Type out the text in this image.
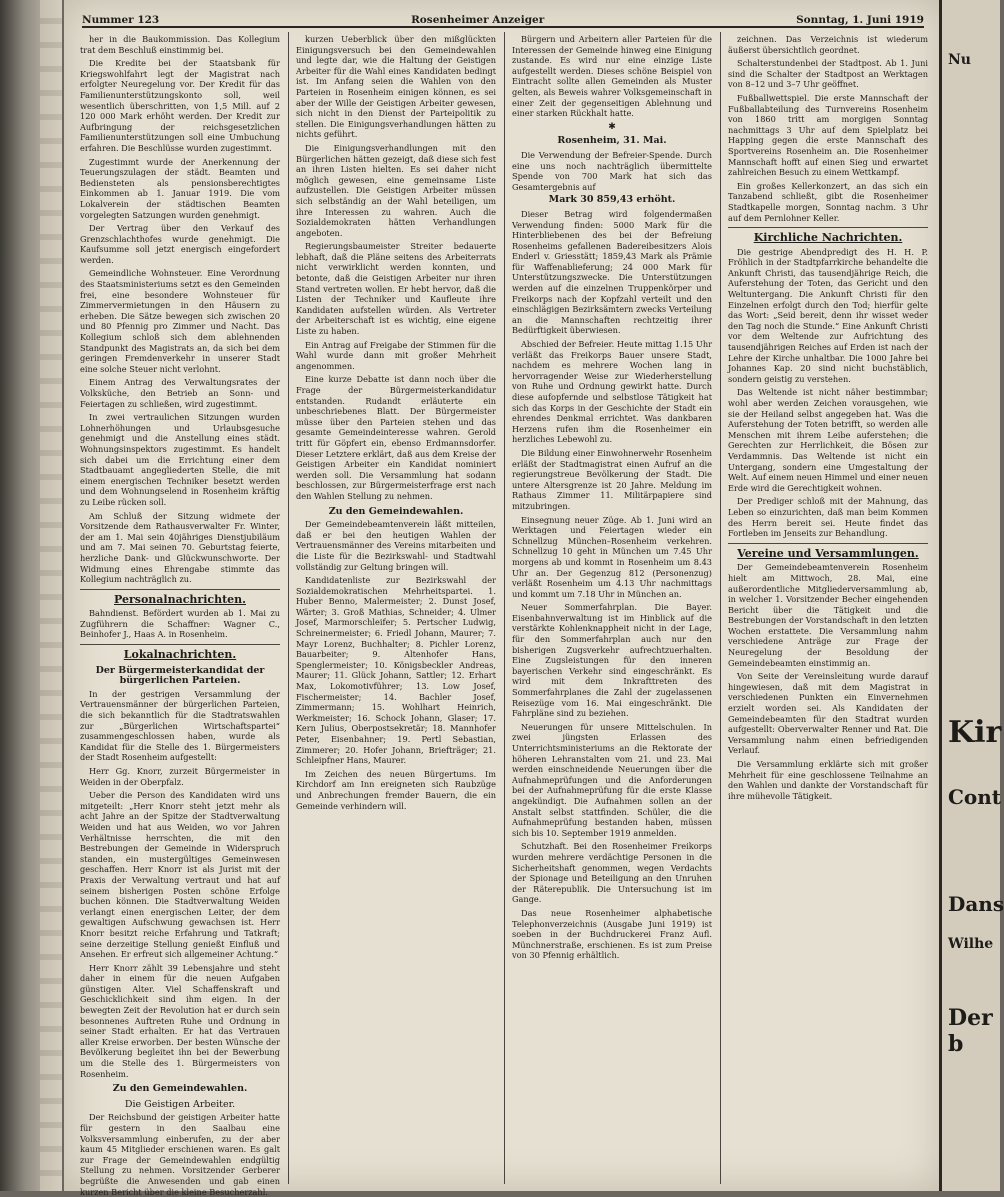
Nummer 123	Rosenheimer Anzeiger	Sonntag, 1. Juni 1919

her in die Baukommission. Das Kollegium trat dem Beschluß einstimmig bei.

Die Kredite bei der Staatsbank für Kriegswohlfahrt legt der Magistrat nach erfolgter Neuregelung vor. Der Kredit für das Familienunterstützungskonto soll, weil wesentlich überschritten, von 1,5 Mill. auf 2 120 000 Mark erhöht werden. Der Kredit zur Aufbringung der reichsgesetzlichen Familienunterstützungen soll eine Umbuchung erfahren. Die Beschlüsse wurden zugestimmt.

Zugestimmt wurde der Anerkennung der Teuerungszulagen der städt. Beamten und Bediensteten als pensionsberechtigtes Einkommen ab 1. Januar 1919. Die vom Lokalverein der städtischen Beamten vorgelegten Satzungen wurden genehmigt.

Der Vertrag über den Verkauf des Grenzschlachthofes wurde genehmigt. Die Kaufsumme soll jetzt energisch eingefordert werden.

Gemeindliche Wohnsteuer. Eine Verordnung des Staatsministeriums setzt es den Gemeinden frei, eine besondere Wohnsteuer für Zimmervermietungen in den Häusern zu erheben. Die Sätze bewegen sich zwischen 20 und 80 Pfennig pro Zimmer und Nacht. Das Kollegium schloß sich dem ablehnenden Standpunkt des Magistrats an, da sich bei dem geringen Fremdenverkehr in unserer Stadt eine solche Steuer nicht verlohnt.

Einem Antrag des Verwaltungsrates der Volksküche, den Betrieb an Sonn- und Feiertagen zu schließen, wird zugestimmt.

In zwei vertraulichen Sitzungen wurden Lohnerhöhungen und Urlaubsgesuche genehmigt und die Anstellung eines städt. Wohnungsinspektors zugestimmt. Es handelt sich dabei um die Errichtung einer dem Stadtbauamt angegliederten Stelle, die mit einem energischen Techniker besetzt werden und dem Wohnungselend in Rosenheim kräftig zu Leibe rücken soll.

Am Schluß der Sitzung widmete der Vorsitzende dem Rathausverwalter Fr. Winter, der am 1. Mai sein 40jähriges Dienstjubiläum und am 7. Mai seinen 70. Geburtstag feierte, herzliche Dank- und Glückwunschworte. Der Widmung eines Ehrengabe stimmte das Kollegium nachträglich zu.

Personalnachrichten.

Bahndienst. Befördert wurden ab 1. Mai zu Zugführern die Schaffner: Wagner C., Beinhofer J., Haas A. in Rosenheim.

Lokalnachrichten.
Der Bürgermeisterkandidat der bürgerlichen Parteien.

In der gestrigen Versammlung der Vertrauensmänner der bürgerlichen Parteien, die sich bekanntlich für die Stadtratswahlen zur „Bürgerlichen Wirtschaftspartei“ zusammengeschlossen haben, wurde als Kandidat für die Stelle des 1. Bürgermeisters der Stadt Rosenheim aufgestellt:

Herr Gg. Knorr, zurzeit Bürgermeister in Weiden in der Oberpfalz.

Ueber die Person des Kandidaten wird uns mitgeteilt: „Herr Knorr steht jetzt mehr als acht Jahre an der Spitze der Stadtverwaltung Weiden und hat aus Weiden, wo vor Jahren Verhältnisse herrschten, die mit den Bestrebungen der Gemeinde in Widerspruch standen, ein mustergültiges Gemeinwesen geschaffen. Herr Knorr ist als Jurist mit der Praxis der Verwaltung vertraut und hat auf seinem bisherigen Posten schöne Erfolge buchen können. Die Stadtverwaltung Weiden verlangt einen energischen Leiter, der dem gewaltigen Aufschwung gewachsen ist. Herr Knorr besitzt reiche Erfahrung und Tatkraft; seine derzeitige Stellung genießt Einfluß und Ansehen. Er erfreut sich allgemeiner Achtung.“

Herr Knorr zählt 39 Lebensjahre und steht daher in einem für die neuen Aufgaben günstigen Alter. Viel Schaffenskraft und Geschicklichkeit sind ihm eigen. In der bewegten Zeit der Revolution hat er durch sein besonnenes Auftreten Ruhe und Ordnung in seiner Stadt erhalten. Er hat das Vertrauen aller Kreise erworben. Der besten Wünsche der Bevölkerung begleitet ihn bei der Bewerbung um die Stelle des 1. Bürgermeisters von Rosenheim.

Zu den Gemeindewahlen.
Die Geistigen Arbeiter.

Der Reichsbund der geistigen Arbeiter hatte für gestern in den Saalbau eine Volksversammlung einberufen, zu der aber kaum 45 Mitglieder erschienen waren. Es galt zur Frage der Gemeindewahlen endgültig Stellung zu nehmen. Vorsitzender Gerberer begrüßte die Anwesenden und gab einen kurzen Bericht über die kleine Besucherzahl.

kurzen Ueberblick über den mißglückten Einigungsversuch bei den Gemeindewahlen und legte dar, wie die Haltung der Geistigen Arbeiter für die Wahl eines Kandidaten bedingt ist. Im Anfang seien die Wahlen von den Parteien in Rosenheim einigen können, es sei aber der Wille der Geistigen Arbeiter gewesen, sich nicht in den Dienst der Parteipolitik zu stellen. Die Einigungsverhandlungen hätten zu nichts geführt.

Die Einigungsverhandlungen mit den Bürgerlichen hätten gezeigt, daß diese sich fest an ihren Listen hielten. Es sei daher nicht möglich gewesen, eine gemeinsame Liste aufzustellen. Die Geistigen Arbeiter müssen sich selbständig an der Wahl beteiligen, um ihre Interessen zu wahren. Auch die Sozialdemokraten hätten Verhandlungen angeboten.

Regierungsbaumeister Streiter bedauerte lebhaft, daß die Pläne seitens des Arbeiterrats nicht verwirklicht werden konnten, und betonte, daß die Geistigen Arbeiter nur ihren Stand vertreten wollen. Er hebt hervor, daß die Listen der Techniker und Kaufleute ihre Kandidaten aufstellen würden. Als Vertreter der Arbeiterschaft ist es wichtig, eine eigene Liste zu haben.

Ein Antrag auf Freigabe der Stimmen für die Wahl wurde dann mit großer Mehrheit angenommen.

Eine kurze Debatte ist dann noch über die Frage der Bürgermeisterkandidatur entstanden. Rudandt erläuterte ein unbeschriebenes Blatt. Der Bürgermeister müsse über den Parteien stehen und das gesamte Gemeindeinteresse wahren. Gerold tritt für Göpfert ein, ebenso Erdmannsdorfer. Dieser Letztere erklärt, daß aus dem Kreise der Geistigen Arbeiter ein Kandidat nominiert werden soll. Die Versammlung hat sodann beschlossen, zur Bürgermeisterfrage erst nach den Wahlen Stellung zu nehmen.

Zu den Gemeindewahlen.

Der Gemeindebeamtenverein läßt mitteilen, daß er bei den heutigen Wahlen der Vertrauensmänner des Vereins mitarbeiten und die Liste für die Bezirkswahl- und Stadtwahl vollständig zur Geltung bringen will.

Kandidatenliste zur Bezirkswahl der Sozialdemokratischen Mehrheitspartei. 1. Huber Benno, Malermeister; 2. Dunst Josef, Wärter; 3. Groß Mathias, Schneider; 4. Ulmer Josef, Marmorschleifer; 5. Pertscher Ludwig, Schreinermeister; 6. Friedl Johann, Maurer; 7. Mayr Lorenz, Buchhalter; 8. Pichler Lorenz, Bauarbeiter; 9. Altenhofer Hans, Spenglermeister; 10. Königsbeckler Andreas, Maurer; 11. Glück Johann, Sattler; 12. Erhart Max, Lokomotivführer; 13. Low Josef, Fischermeister; 14. Bachler Josef, Zimmermann; 15. Wohlhart Heinrich, Werkmeister; 16. Schock Johann, Glaser; 17. Kern Julius, Oberpostsekretär; 18. Mannhofer Peter, Eisenbahner; 19. Pertl Sebastian, Zimmerer; 20. Hofer Johann, Briefträger; 21. Schleipfner Hans, Maurer.

Im Zeichen des neuen Bürgertums. Im Kirchdorf am Inn ereigneten sich Raubzüge und Anbrechungen fremder Bauern, die ein Gemeinde verhindern will.

Bürgern und Arbeitern aller Parteien für die Interessen der Gemeinde hinweg eine Einigung zustande. Es wird nur eine einzige Liste aufgestellt werden. Dieses schöne Beispiel von Eintracht sollte allen Gemeinden als Muster gelten, als Beweis wahrer Volksgemeinschaft in einer Zeit der gegenseitigen Ablehnung und einer starken Rückhalt hatte.

✱
Rosenheim, 31. Mai.

Die Verwendung der Befreier-Spende. Durch eine uns noch nachträglich übermittelte Spende von 700 Mark hat sich das Gesamtergebnis auf

Mark 30 859,43 erhöht.

Dieser Betrag wird folgendermaßen Verwendung finden: 5000 Mark für die Hinterbliebenen des bei der Befreiung Rosenheims gefallenen Badereibesitzers Alois Enderl v. Griesstätt; 1859,43 Mark als Prämie für Waffenablieferung; 24 000 Mark für Unterstützungszwecke. Die Unterstützungen werden auf die einzelnen Truppenkörper und Freikorps nach der Kopfzahl verteilt und den einschlägigen Bezirksämtern zwecks Verteilung an die Mannschaften rechtzeitig ihrer Bedürftigkeit überwiesen.

Abschied der Befreier. Heute mittag 1.15 Uhr verläßt das Freikorps Bauer unsere Stadt, nachdem es mehrere Wochen lang in hervorragender Weise zur Wiederherstellung von Ruhe und Ordnung gewirkt hatte. Durch diese aufopfernde und selbstlose Tätigkeit hat sich das Korps in der Geschichte der Stadt ein ehrendes Denkmal errichtet. Was dankbaren Herzens rufen ihm die Rosenheimer ein herzliches Lebewohl zu.

Die Bildung einer Einwohnerwehr Rosenheim erläßt der Stadtmagistrat einen Aufruf an die regierungstreue Bevölkerung der Stadt. Die untere Altersgrenze ist 20 Jahre. Meldung im Rathaus Zimmer 11. Militärpapiere sind mitzubringen.

Einsegnung neuer Züge. Ab 1. Juni wird an Werktagen und Feiertagen wieder ein Schnellzug München–Rosenheim verkehren. Schnellzug 10 geht in München um 7.45 Uhr morgens ab und kommt in Rosenheim um 8.43 Uhr an. Der Gegenzug 812 (Personenzug) verläßt Rosenheim um 4.13 Uhr nachmittags und kommt um 7.18 Uhr in München an.

Neuer Sommerfahrplan. Die Bayer. Eisenbahnverwaltung ist im Hinblick auf die verstärkte Kohlenknappheit nicht in der Lage, für den Sommerfahrplan auch nur den bisherigen Zugsverkehr aufrechtzuerhalten. Eine Zugsleistungen für den inneren bayerischen Verkehr sind eingeschränkt. Es wird mit dem Inkrafttreten des Sommerfahrplanes die Zahl der zugelassenen Reisezüge vom 16. Mai eingeschränkt. Die Fahrpläne sind zu beziehen.

Neuerungen für unsere Mittelschulen. In zwei jüngsten Erlassen des Unterrichtsministeriums an die Rektorate der höheren Lehranstalten vom 21. und 23. Mai werden einschneidende Neuerungen über die Aufnahmeprüfungen und die Anforderungen bei der Aufnahmeprüfung für die erste Klasse angekündigt. Die Aufnahmen sollen an der Anstalt selbst stattfinden. Schüler, die die Aufnahmeprüfung bestanden haben, müssen sich bis 10. September 1919 anmelden.

Schutzhaft. Bei den Rosenheimer Freikorps wurden mehrere verdächtige Personen in die Sicherheitshaft genommen, wegen Verdachts der Spionage und Beteiligung an den Unruhen der Räterepublik. Die Untersuchung ist im Gange.

Das neue Rosenheimer alphabetische Telephonverzeichnis (Ausgabe Juni 1919) ist soeben in der Buchdruckerei Franz Aufl. Münchnerstraße, erschienen. Es ist zum Preise von 30 Pfennig erhältlich.

zeichnen. Das Verzeichnis ist wiederum äußerst übersichtlich geordnet.

Schalterstundenbei der Stadtpost. Ab 1. Juni sind die Schalter der Stadtpost an Werktagen von 8–12 und 3–7 Uhr geöffnet.

Fußballwettspiel. Die erste Mannschaft der Fußballabteilung des Turnvereins Rosenheim von 1860 tritt am morgigen Sonntag nachmittags 3 Uhr auf dem Spielplatz bei Happing gegen die erste Mannschaft des Sportvereins Rosenheim an. Die Rosenheimer Mannschaft hofft auf einen Sieg und erwartet zahlreichen Besuch zu einem Wettkampf.

Ein großes Kellerkonzert, an das sich ein Tanzabend schließt, gibt die Rosenheimer Stadtkapelle morgen, Sonntag nachm. 3 Uhr auf dem Pernlohner Keller.

Kirchliche Nachrichten.

Die gestrige Abendpredigt des H. H. P. Fröhlich in der Stadtpfarrkirche behandelte die Ankunft Christi, das tausendjährige Reich, die Auferstehung der Toten, das Gericht und den Weltuntergang. Die Ankunft Christi für den Einzelnen erfolgt durch den Tod; hierfür gelte das Wort: „Seid bereit, denn ihr wisset weder den Tag noch die Stunde.“ Eine Ankunft Christi vor dem Weltende zur Aufrichtung des tausendjährigen Reiches auf Erden ist nach der Lehre der Kirche unhaltbar. Die 1000 Jahre bei Johannes Kap. 20 sind nicht buchstäblich, sondern geistig zu verstehen.

Das Weltende ist nicht näher bestimmbar; wohl aber werden Zeichen vorausgehen, wie sie der Heiland selbst angegeben hat. Was die Auferstehung der Toten betrifft, so werden alle Menschen mit ihrem Leibe auferstehen; die Gerechten zur Herrlichkeit, die Bösen zur Verdammnis. Das Weltende ist nicht ein Untergang, sondern eine Umgestaltung der Welt. Auf einem neuen Himmel und einer neuen Erde wird die Gerechtigkeit wohnen.

Der Prediger schloß mit der Mahnung, das Leben so einzurichten, daß man beim Kommen des Herrn bereit sei. Heute findet das Fortleben im Jenseits zur Behandlung.

Vereine und Versammlungen.

Der Gemeindebeamtenverein Rosenheim hielt am Mittwoch, 28. Mai, eine außerordentliche Mitgliederversammlung ab, in welcher 1. Vorsitzender Becher eingehenden Bericht über die Tätigkeit und die Bestrebungen der Vorstandschaft in den letzten Wochen erstattete. Die Versammlung nahm verschiedene Anträge zur Frage der Neuregelung der Besoldung der Gemeindebeamten einstimmig an.

Von Seite der Vereinsleitung wurde darauf hingewiesen, daß mit dem Magistrat in verschiedenen Punkten ein Einvernehmen erzielt worden sei. Als Kandidaten der Gemeindebeamten für den Stadtrat wurden aufgestellt: Oberverwalter Renner und Rat. Die Versammlung nahm einen befriedigenden Verlauf.

Die Versammlung erklärte sich mit großer Mehrheit für eine geschlossene Teilnahme an den Wahlen und dankte der Vorstandschaft für ihre mühevolle Tätigkeit.

Nu
Kir
Cont
Dans
Wilhe
Der b
